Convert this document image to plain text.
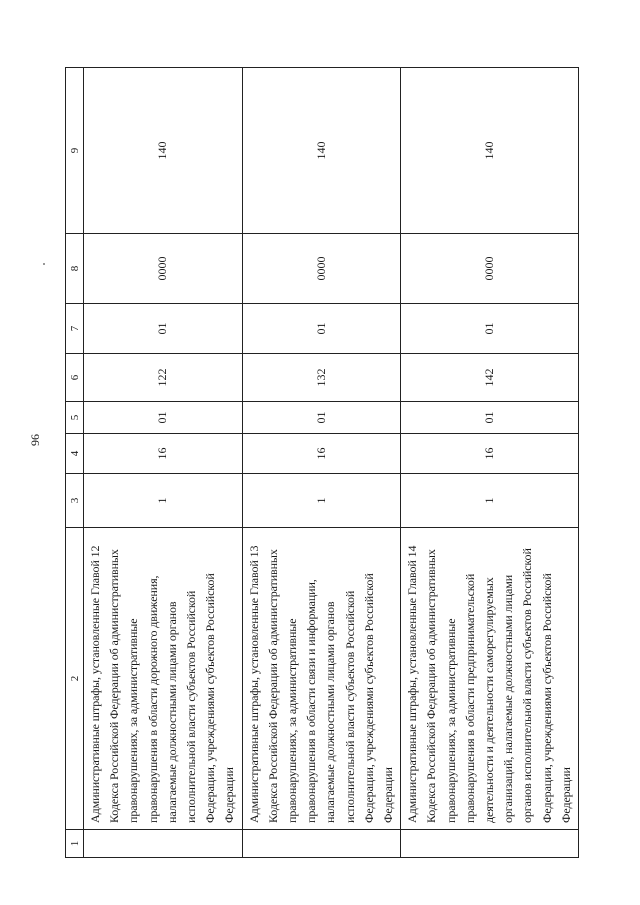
96
1	2	3	4	5	6	7	8	9
	Административные штрафы, установленные Главой 12 Кодекса Российской Федерации об административных правонарушениях, за административные правонарушения в области дорожного движения, налагаемые должностными лицами органов исполнительной власти субъектов Российской Федерации, учреждениями субъектов Российской Федерации	1	16	01	122	01	0000	140
	Административные штрафы, установленные Главой 13 Кодекса Российской Федерации об административных правонарушениях, за административные правонарушения в области связи и информации, налагаемые должностными лицами органов исполнительной власти субъектов Российской Федерации, учреждениями субъектов Российской Федерации	1	16	01	132	01	0000	140
	Административные штрафы, установленные Главой 14 Кодекса Российской Федерации об административных правонарушениях, за административные правонарушения в области предпринимательской деятельности и деятельности саморегулируемых организаций, налагаемые должностными лицами органов исполнительной власти субъектов Российской Федерации, учреждениями субъектов Российской Федерации	1	16	01	142	01	0000	140
